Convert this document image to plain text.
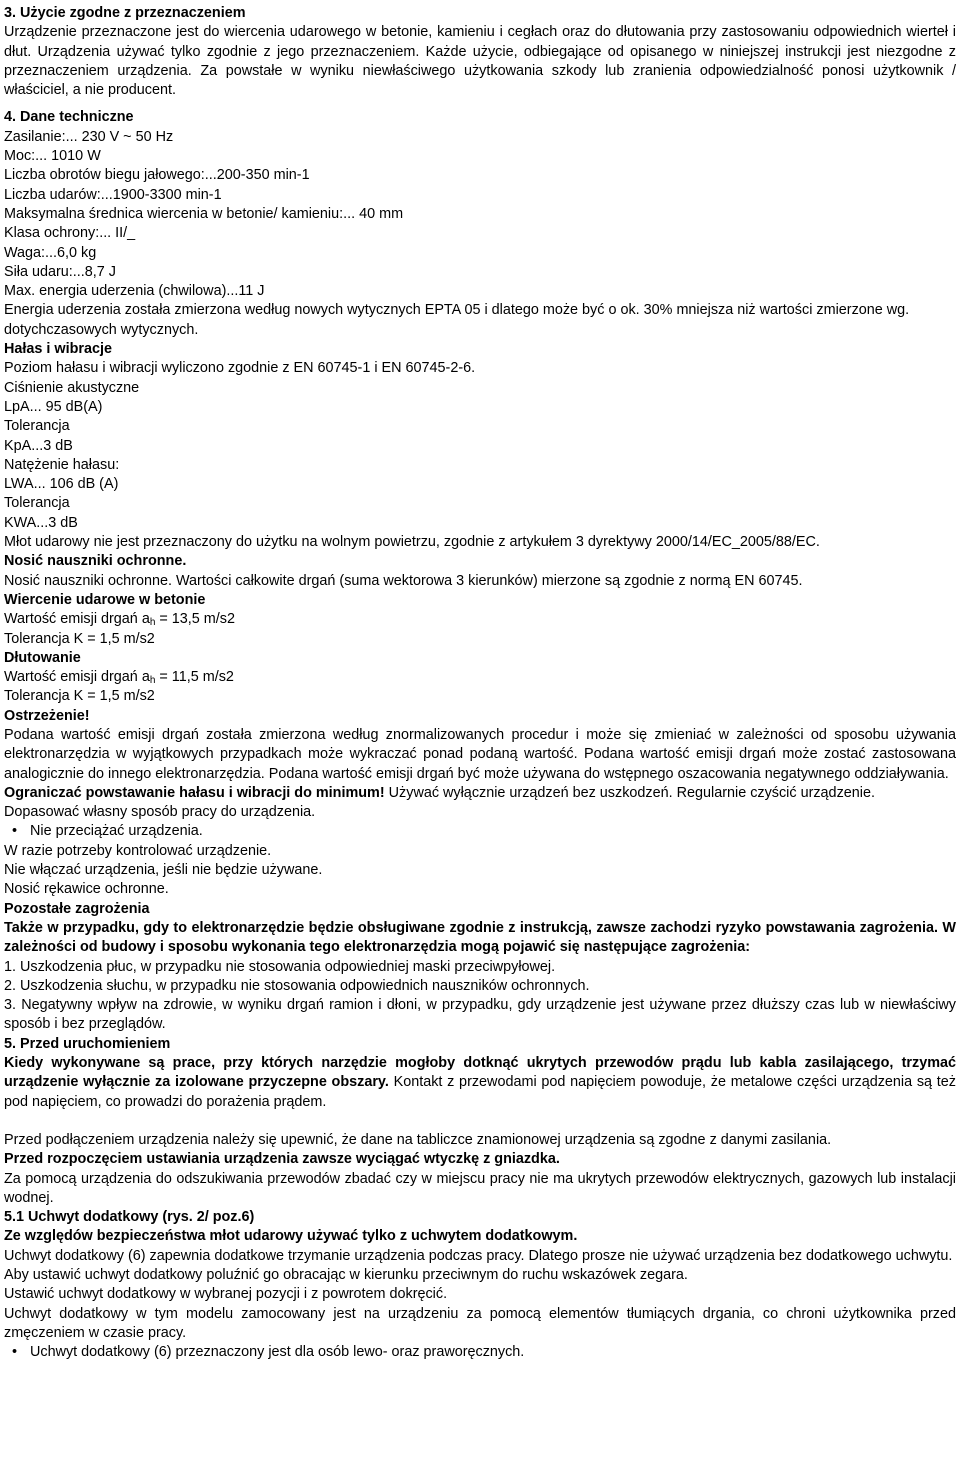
3. Użycie zgodne z przeznaczeniem

Urządzenie przeznaczone jest do wiercenia udarowego w betonie, kamieniu i cegłach oraz do dłutowania przy zastosowaniu odpowiednich wierteł i dłut. Urządzenia używać tylko zgodnie z jego przeznaczeniem. Każde użycie, odbiegające od opisanego w niniejszej instrukcji jest niezgodne z przeznaczeniem urządzenia. Za powstałe w wyniku niewłaściwego użytkowania szkody lub zranienia odpowiedzialność ponosi użytkownik / właściciel, a nie producent.

4. Dane techniczne

Zasilanie:... 230 V ~ 50 Hz

Moc:... 1010 W

Liczba obrotów biegu jałowego:...200-350 min-1

Liczba udarów:...1900-3300 min-1

Maksymalna średnica wiercenia w betonie/ kamieniu:... 40 mm

Klasa ochrony:... II/_

Waga:...6,0 kg

Siła udaru:...8,7 J

Max. energia uderzenia (chwilowa)...11 J

Energia uderzenia została zmierzona według nowych wytycznych EPTA 05 i dlatego może być o ok. 30% mniejsza niż wartości zmierzone wg. dotychczasowych wytycznych.

Hałas i wibracje

Poziom hałasu i wibracji wyliczono zgodnie z EN 60745-1 i EN 60745-2-6.

Ciśnienie akustyczne

LpA... 95 dB(A)

Tolerancja

KpA...3 dB

Natężenie hałasu:

LWA... 106 dB (A)

Tolerancja

KWA...3 dB

Młot udarowy nie jest przeznaczony do użytku na wolnym powietrzu, zgodnie z artykułem 3 dyrektywy 2000/14/EC_2005/88/EC.

Nosić nauszniki ochronne.

Nosić nauszniki ochronne. Wartości całkowite drgań (suma wektorowa 3 kierunków) mierzone są zgodnie z normą EN 60745.

Wiercenie udarowe w betonie

Wartość emisji drgań $a_h = 13,5$ m/s2

Tolerancja K = 1,5 m/s2

Dłutowanie

Wartość emisji drgań $a_h = 11,5$ m/s2

Tolerancja K = 1,5 m/s2

Ostrzeżenie!

Podana wartość emisji drgań została zmierzona według znormalizowanych procedur i może się zmieniać w zależności od sposobu używania elektronarzędzia w wyjątkowych przypadkach może wykraczać ponad podaną wartość. Podana wartość emisji drgań może zostać zastosowana analogicznie do innego elektronarzędzia. Podana wartość emisji drgań być może używana do wstępnego oszacowania negatywnego oddziaływania.

Ograniczać powstawanie hałasu i wibracji do minimum! Używać wyłącznie urządzeń bez uszkodzeń. Regularnie czyścić urządzenie.

Dopasować własny sposób pracy do urządzenia.

• Nie przeciążać urządzenia.

W razie potrzeby kontrolować urządzenie.

Nie włączać urządzenia, jeśli nie będzie używane.

Nosić rękawice ochronne.

Pozostałe zagrożenia

Także w przypadku, gdy to elektronarzędzie będzie obsługiwane zgodnie z instrukcją, zawsze zachodzi ryzyko powstawania zagrożenia. W zależności od budowy i sposobu wykonania tego elektronarzędzia mogą pojawić się następujące zagrożenia:

1. Uszkodzenia płuc, w przypadku nie stosowania odpowiedniej maski przeciwpyłowej.

2. Uszkodzenia słuchu, w przypadku nie stosowania odpowiednich nauszników ochronnych.

3. Negatywny wpływ na zdrowie, w wyniku drgań ramion i dłoni, w przypadku, gdy urządzenie jest używane przez dłuższy czas lub w niewłaściwy sposób i bez przeglądów.

5. Przed uruchomieniem

Kiedy wykonywane są prace, przy których narzędzie mogłoby dotknąć ukrytych przewodów prądu lub kabla zasilającego, trzymać urządzenie wyłącznie za izolowane przyczepne obszary. Kontakt z przewodami pod napięciem powoduje, że metalowe części urządzenia są też pod napięciem, co prowadzi do porażenia prądem.

Przed podłączeniem urządzenia należy się upewnić, że dane na tabliczce znamionowej urządzenia są zgodne z danymi zasilania.

Przed rozpoczęciem ustawiania urządzenia zawsze wyciągać wtyczkę z gniazdka.

Za pomocą urządzenia do odszukiwania przewodów zbadać czy w miejscu pracy nie ma ukrytych przewodów elektrycznych, gazowych lub instalacji wodnej.

5.1 Uchwyt dodatkowy (rys. 2/ poz.6)

Ze względów bezpieczeństwa młot udarowy używać tylko z uchwytem dodatkowym.

Uchwyt dodatkowy (6) zapewnia dodatkowe trzymanie urządzenia podczas pracy. Dlatego prosze nie używać urządzenia bez dodatkowego uchwytu.

Aby ustawić uchwyt dodatkowy poluźnić go obracając w kierunku przeciwnym do ruchu wskazówek zegara.

Ustawić uchwyt dodatkowy w wybranej pozycji i z powrotem dokręcić.

Uchwyt dodatkowy w tym modelu zamocowany jest na urządzeniu za pomocą elementów tłumiących drgania, co chroni użytkownika przed zmęczeniem w czasie pracy.

• Uchwyt dodatkowy (6) przeznaczony jest dla osób lewo- oraz praworęcznych.
